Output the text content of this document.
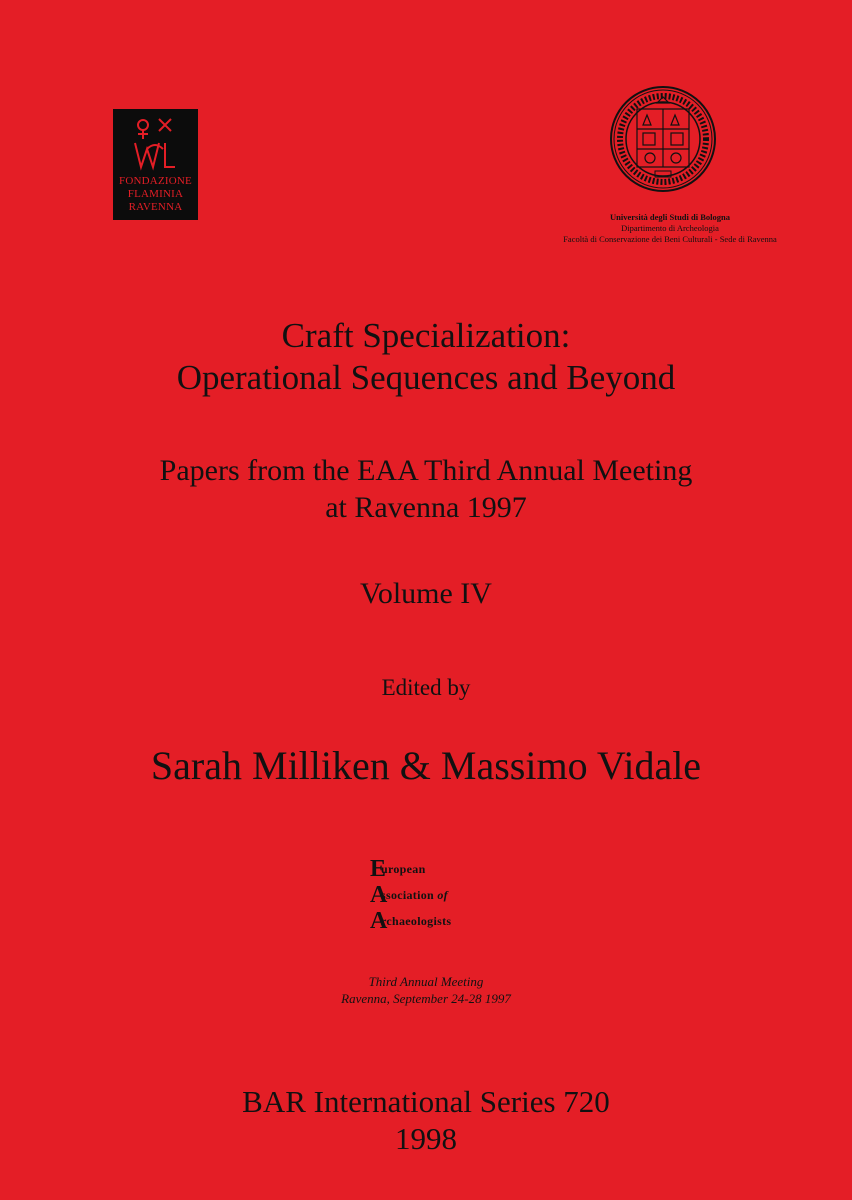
FONDAZIONE
FLAMINIA
RAVENNA
Università degli Studi di Bologna
Dipartimento di Archeologia
Facoltà di Conservazione dei Beni Culturali - Sede di Ravenna
Craft Specialization:
Operational Sequences and Beyond
Papers from the EAA Third Annual Meeting
at Ravenna 1997
Volume IV
Edited by
Sarah Milliken & Massimo Vidale
E
uropean
A
ssociation of
A
rchaeologists
Third Annual Meeting
Ravenna, September 24-28 1997
BAR International Series 720
1998
